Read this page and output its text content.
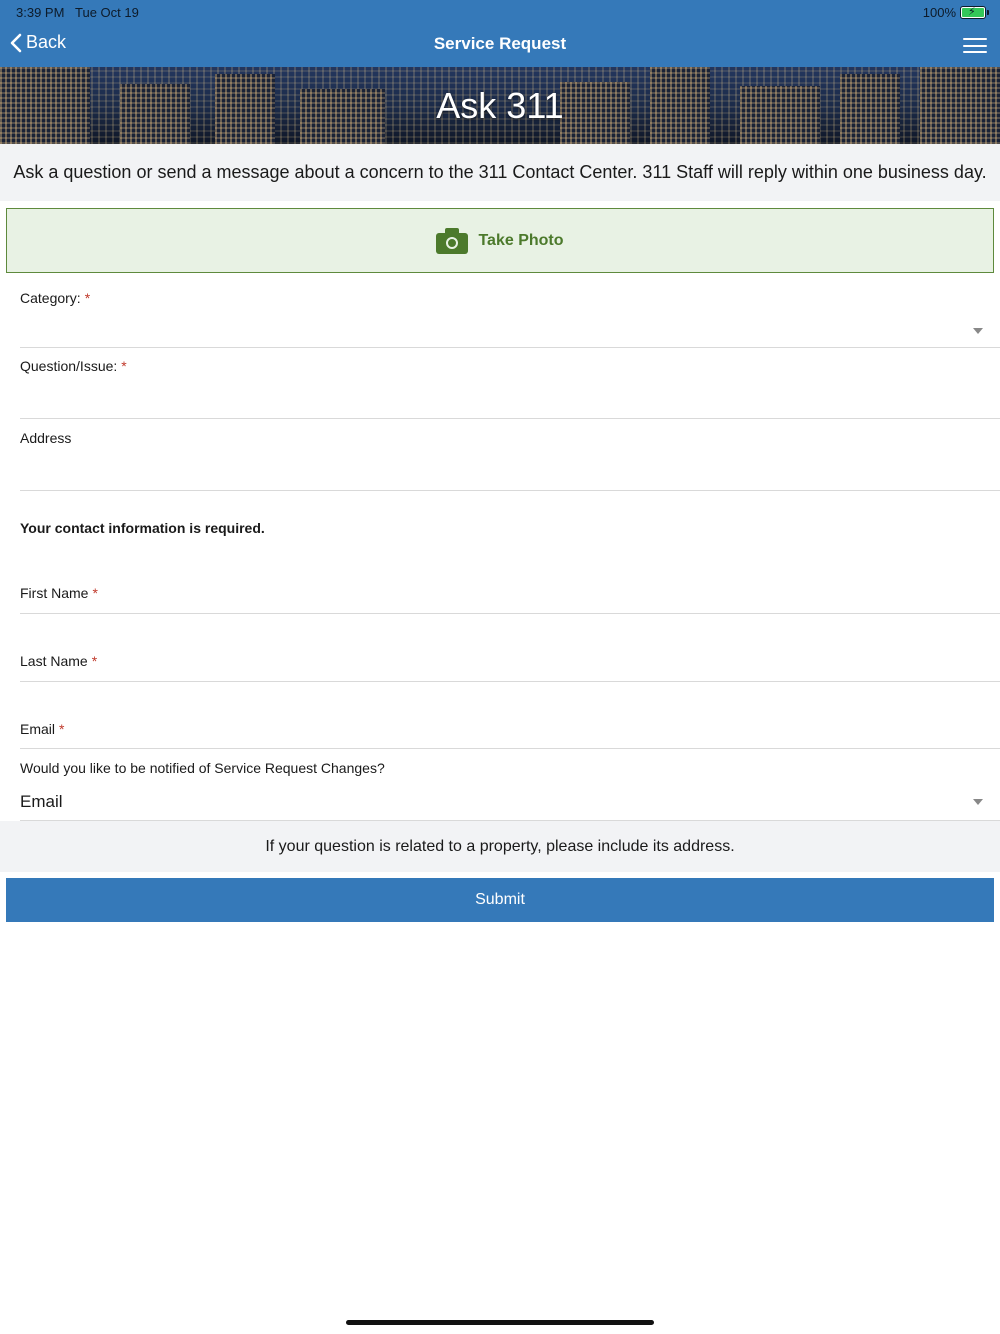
3:39 PM Tue Oct 19	100% ⚡
Back	Service Request
Ask 311
Ask a question or send a message about a concern to the 311 Contact Center. 311 Staff will reply within one business day.
Take Photo
Category: *
Question/Issue: *
Address
Your contact information is required.
First Name *
Last Name *
Email *
Would you like to be notified of Service Request Changes?
Email
If your question is related to a property, please include its address.
Submit
